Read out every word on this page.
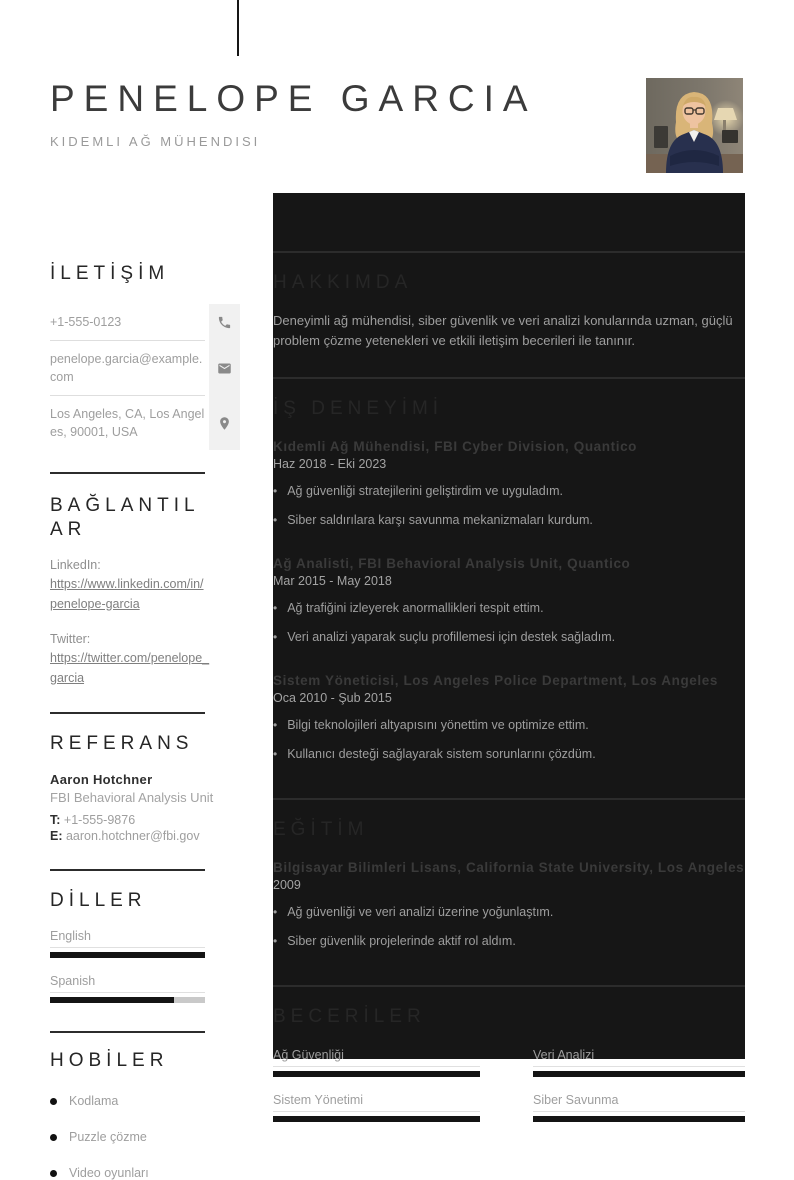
PENELOPE GARCIA
KIDEMLI AĞ MÜHENDISI
İLETİŞİM
+1-555-0123
penelope.garcia@example.com
Los Angeles, CA, Los Angeles, 90001, USA
BAĞLANTILAR
LinkedIn:
https://www.linkedin.com/in/penelope-garcia
Twitter:
https://twitter.com/penelope_garcia
REFERANS
Aaron Hotchner
FBI Behavioral Analysis Unit
T: +1-555-9876
E: aaron.hotchner@fbi.gov
DİLLER
English
Spanish
HOBİLER
Kodlama
Puzzle çözme
Video oyunları
HAKKIMDA

Deneyimli ağ mühendisi, siber güvenlik ve veri analizi konularında uzman, güçlü problem çözme yetenekleri ve etkili iletişim becerileri ile tanınır.

İŞ DENEYİMİ
Kıdemli Ağ Mühendisi, FBI Cyber Division, Quantico
Haz 2018 - Eki 2023
• Ağ güvenliği stratejilerini geliştirdim ve uyguladım.
• Siber saldırılara karşı savunma mekanizmaları kurdum.
Ağ Analisti, FBI Behavioral Analysis Unit, Quantico
Mar 2015 - May 2018
• Ağ trafiğini izleyerek anormallikleri tespit ettim.
• Veri analizi yaparak suçlu profillemesi için destek sağladım.
Sistem Yöneticisi, Los Angeles Police Department, Los Angeles
Oca 2010 - Şub 2015
• Bilgi teknolojileri altyapısını yönettim ve optimize ettim.
• Kullanıcı desteği sağlayarak sistem sorunlarını çözdüm.
EĞİTİM
Bilgisayar Bilimleri Lisans, California State University, Los Angeles
2009
• Ağ güvenliği ve veri analizi üzerine yoğunlaştım.
• Siber güvenlik projelerinde aktif rol aldım.
BECERİLER
Ağ Güvenliği	Veri Analizi
Sistem Yönetimi	Siber Savunma
